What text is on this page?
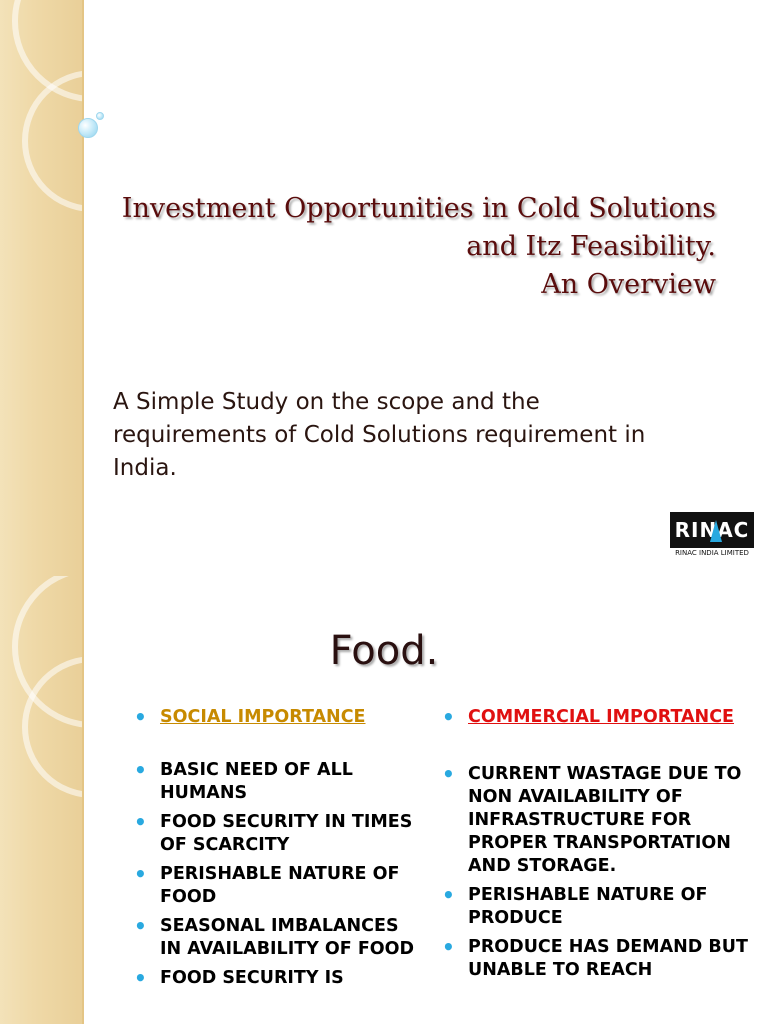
Investment Opportunities in Cold Solutions
and Itz Feasibility.
An Overview
A Simple Study on the scope and the requirements of Cold Solutions requirement in India.
RINAC
RINAC INDIA LIMITED
Food.
• SOCIAL IMPORTANCE
• BASIC NEED OF ALL HUMANS
• FOOD SECURITY IN TIMES OF SCARCITY
• PERISHABLE NATURE OF FOOD
• SEASONAL IMBALANCES IN AVAILABILITY OF FOOD
• FOOD SECURITY IS
• COMMERCIAL IMPORTANCE
• CURRENT WASTAGE DUE TO NON AVAILABILITY OF INFRASTRUCTURE FOR PROPER TRANSPORTATION AND STORAGE.
• PERISHABLE NATURE OF PRODUCE
• PRODUCE HAS DEMAND BUT UNABLE TO REACH
